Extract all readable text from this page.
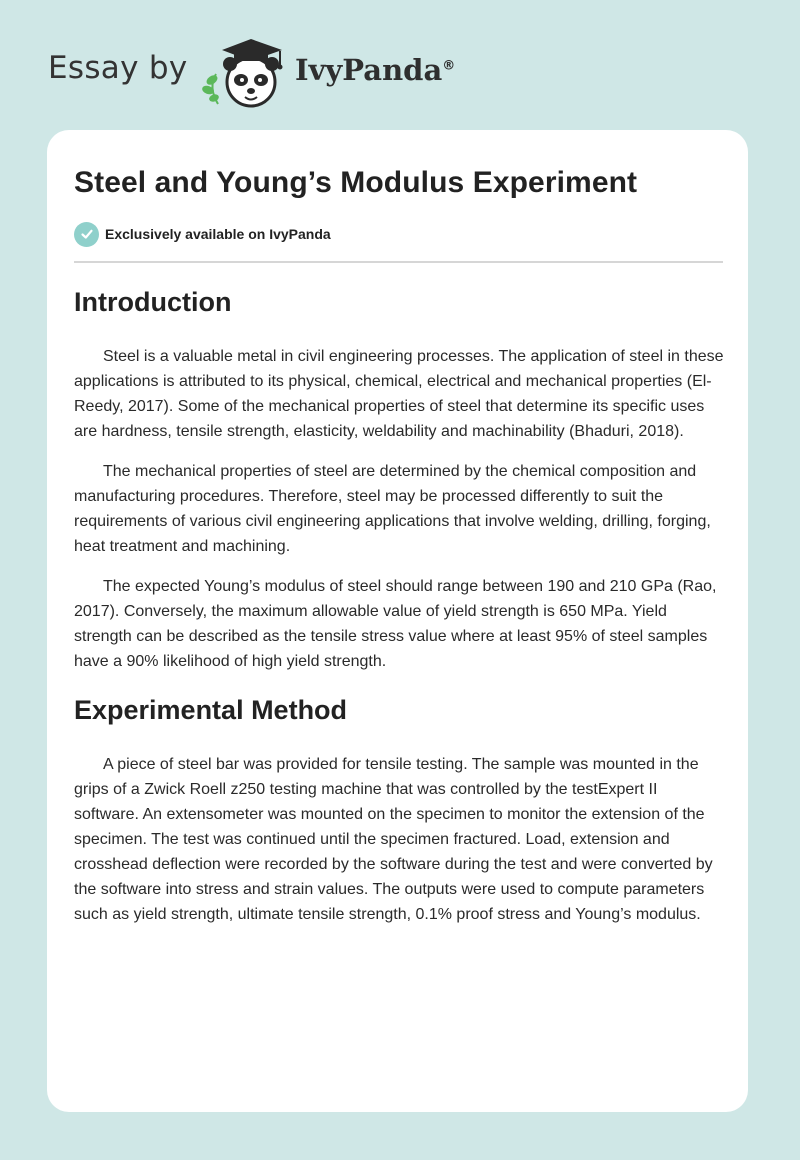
Essay by	IvyPanda®
Steel and Young’s Modulus Experiment
Exclusively available on IvyPanda
Introduction

Steel is a valuable metal in civil engineering processes. The application of steel in these applications is attributed to its physical, chemical, electrical and mechanical properties (El-Reedy, 2017). Some of the mechanical properties of steel that determine its specific uses are hardness, tensile strength, elasticity, weldability and machinability (Bhaduri, 2018).

The mechanical properties of steel are determined by the chemical composition and manufacturing procedures. Therefore, steel may be processed differently to suit the requirements of various civil engineering applications that involve welding, drilling, forging, heat treatment and machining.

The expected Young’s modulus of steel should range between 190 and 210 GPa (Rao, 2017). Conversely, the maximum allowable value of yield strength is 650 MPa. Yield strength can be described as the tensile stress value where at least 95% of steel samples have a 90% likelihood of high yield strength.

Experimental Method

A piece of steel bar was provided for tensile testing. The sample was mounted in the grips of a Zwick Roell z250 testing machine that was controlled by the testExpert II software. An extensometer was mounted on the specimen to monitor the extension of the specimen. The test was continued until the specimen fractured. Load, extension and crosshead deflection were recorded by the software during the test and were converted by the software into stress and strain values. The outputs were used to compute parameters such as yield strength, ultimate tensile strength, 0.1% proof stress and Young’s modulus.
